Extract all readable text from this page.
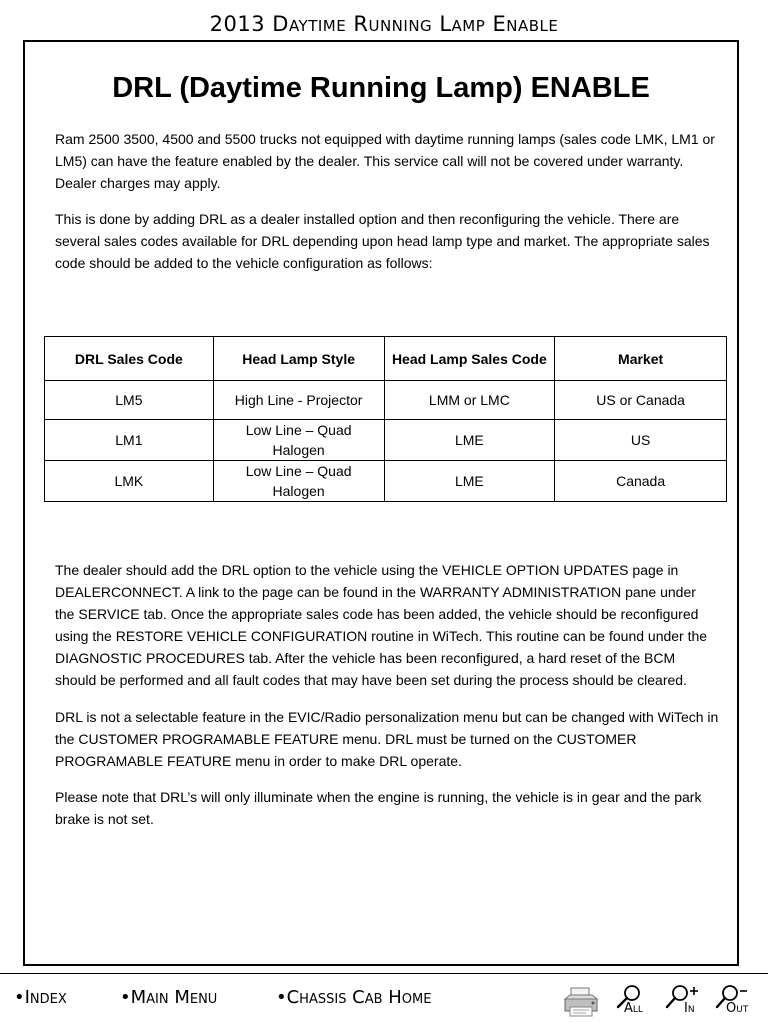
2013 Daytime Running Lamp Enable
DRL (Daytime Running Lamp) ENABLE

Ram 2500 3500, 4500 and 5500 trucks not equipped with daytime running lamps (sales code LMK, LM1 or LM5) can have the feature enabled by the dealer. This service call will not be covered under warranty. Dealer charges may apply.

This is done by adding DRL as a dealer installed option and then reconfiguring the vehicle. There are several sales codes available for DRL depending upon head lamp type and market. The appropriate sales code should be added to the vehicle configuration as follows:

DRL Sales Code	Head Lamp Style	Head Lamp Sales Code	Market
LM5	High Line - Projector	LMM or LMC	US or Canada
LM1	Low Line – Quad Halogen	LME	US
LMK	Low Line – Quad Halogen	LME	Canada

The dealer should add the DRL option to the vehicle using the VEHICLE OPTION UPDATES page in DEALERCONNECT. A link to the page can be found in the WARRANTY ADMINISTRATION pane under the SERVICE tab. Once the appropriate sales code has been added, the vehicle should be reconfigured using the RESTORE VEHICLE CONFIGURATION routine in WiTech. This routine can be found under the DIAGNOSTIC PROCEDURES tab. After the vehicle has been reconfigured, a hard reset of the BCM should be performed and all fault codes that may have been set during the process should be cleared.

DRL is not a selectable feature in the EVIC/Radio personalization menu but can be changed with WiTech in the CUSTOMER PROGRAMABLE FEATURE menu. DRL must be turned on the CUSTOMER PROGRAMABLE FEATURE menu in order to make DRL operate.

Please note that DRL’s will only illuminate when the engine is running, the vehicle is in gear and the park brake is not set.

•Index	•Main Menu	•Chassis Cab Home
All	In Out
